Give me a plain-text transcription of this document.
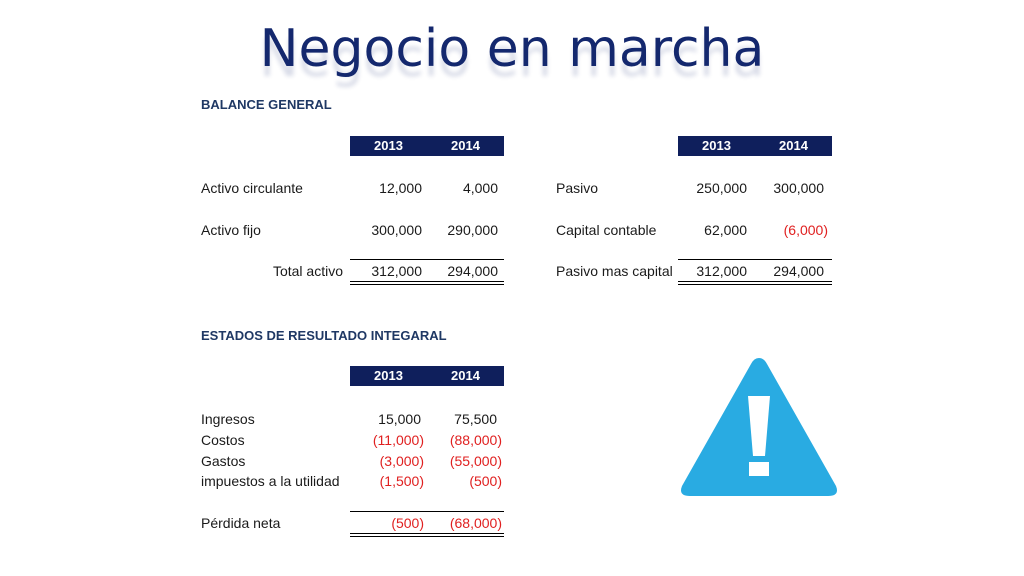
Negocio en marcha
BALANCE GENERAL
2013	2014	2013	2014
Activo circulante	12,000	4,000
Activo fijo	300,000	290,000
Total activo	312,000	294,000
Pasivo	250,000	300,000
Capital contable	62,000	(6,000)
Pasivo mas capital	312,000	294,000
ESTADOS DE RESULTADO INTEGARAL
2013	2014
Ingresos	15,000	75,500
Costos	(11,000)	(88,000)
Gastos	(3,000)	(55,000)
impuestos a la utilidad	(1,500)	(500)
Pérdida neta	(500)	(68,000)
